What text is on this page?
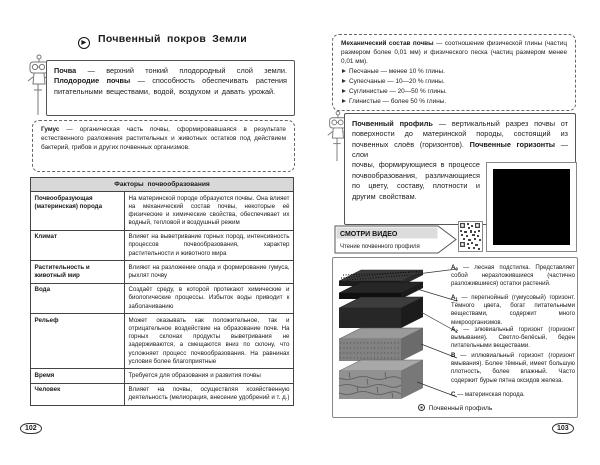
▶ Почвенный покров Земли
Почва — верхний тонкий плодородный слой земли. Плодородие почвы — способность обеспечивать растения питательными веществами, водой, воздухом и давать урожай.
Гумус — органическая часть почвы, сформировавшаяся в результате естественного разложения растительных и животных остатков под действием бактерий, грибов и других почвенных организмов.
Факторы почвообразования	
Почвообразующая (материнская) порода	На материнской породе образуются почвы. Она влияет на механический состав почвы, некоторые её физические и химические свойства, обеспечивает их водный, тепловой и воздушный режим
Климат	Влияет на выветривание горных пород, интенсивность процессов почвообразования, характер растительности и животного мира
Растительность и животный мир	Влияют на разложение опада и формирование гумуса, рыхлят почву
Вода	Создаёт среду, в которой протекают химические и биологические процессы. Избыток воды приводит к заболачиванию
Рельеф	Может оказывать как положительное, так и отрицательное воздействие на образование почв. На горных склонах продукты выветривания не задерживаются, а смещаются вниз по склону, что усложняет процесс почвообразования. На равнинах условия более благоприятные
Время	Требуется для образования и развития почвы
Человек	Влияет на почвы, осуществляя хозяйственную деятельность (мелиорация, внесение удобрений и т. д.)
102
Механический состав почвы — соотношение физической глины (частиц размером более 0,01 мм) и физического песка (частиц размером менее 0,01 мм).
Песчаные — менее 10 % глины.
Супесчаные — 10—20 % глины.
Суглинистые — 20—50 % глины.
Глинистые — более 50 % глины.
Почвенный профиль — вертикальный разрез почвы от поверхности до материнской породы, состоящий из почвенных слоёв (горизонтов). Почвенные горизонты — слои
почвы, формирующиеся в процессе почвообразования, различающиеся по цвету, составу, плотности и другим свойствам.
СМОТРИ ВИДЕО
Чтение почвенного профиля
$A_0$ — лесная подстилка. Представляет собой неразложившиеся (частично разложившиеся) остатки растений.
$A_1$ — перегнойный (гумусовый) горизонт. Тёмного цвета, богат питательными веществами, содержит много микроорганизмов.
$A_2$ — элювиальный горизонт (горизонт вымывания). Светло-белёсый, беден питательными веществами.
B — иллювиальный горизонт (горизонт вмывания). Более тёмный, имеет большую плотность, более влажный. Часто содержит бурые пятна оксидов железа.
C — материнская порода.
Почвенный профиль
103
